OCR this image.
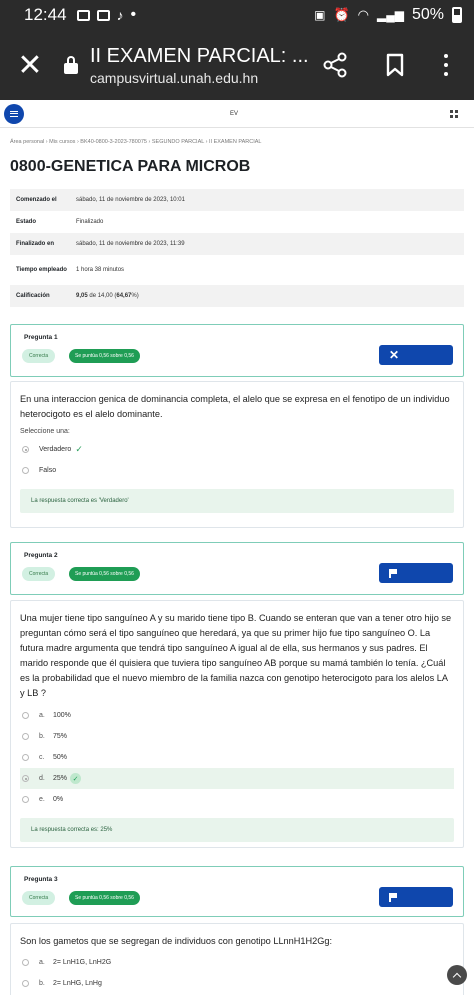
12:44	♪ •	▣ ⏰ ◠ ▂▄▆ 50%
✕	II EXAMEN PARCIAL: ...
campusvirtual.unah.edu.hn
EV
Área personal › Mis cursos › BK40-0800-3-2023-780075 › SEGUNDO PARCIAL › II EXAMEN PARCIAL
0800-GENETICA PARA MICROB
Comenzado el	sábado, 11 de noviembre de 2023, 10:01
Estado	Finalizado
Finalizado en	sábado, 11 de noviembre de 2023, 11:39
Tiempo empleado	1 hora 38 minutos
Calificación	9,05 de 14,00 (64,67%)
Pregunta 1
Correcta	Se puntúa 0,56 sobre 0,56	✕
En una interaccion genica de dominancia completa, el alelo que se expresa en el fenotipo de un individuo heterocigoto es el alelo dominante.
Seleccione una:
Verdadero ✓
Falso
La respuesta correcta es 'Verdadero'
Pregunta 2
Correcta	Se puntúa 0,56 sobre 0,56
Una mujer tiene tipo sanguíneo A y su marido tiene tipo B. Cuando se enteran que van a tener otro hijo se preguntan cómo será el tipo sanguíneo que heredará, ya que su primer hijo fue tipo sanguíneo O. La futura madre argumenta que tendrá tipo sanguíneo A igual al de ella, sus hermanos y sus padres. El marido responde que él quisiera que tuviera tipo sanguíneo AB porque su mamá también lo tenía. ¿Cuál es la probabilidad que el nuevo miembro de la familia nazca con genotipo heterocigoto para los alelos LA y LB ?
a.	100%
b.	75%
c.	50%
d.	25% ✓
e.	0%
La respuesta correcta es: 25%
Pregunta 3
Correcta	Se puntúa 0,56 sobre 0,56
Son los gametos que se segregan de individuos con genotipo LLnnH1H2Gg:
a.	2= LnH1G, LnH2G
b.	2= LnHG, LnHg
